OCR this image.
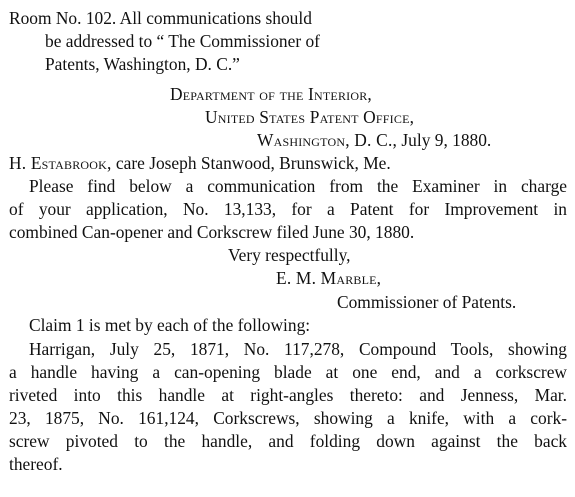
Room No. 102. All communications should
be addressed to “ The Commissioner of
Patents, Washington, D. C.”
Department of the Interior,
United States Patent Office,
Washington, D. C., July 9, 1880.
H. Estabrook, care Joseph Stanwood, Brunswick, Me.
Please find below a communication from the Examiner in charge
of your application, No. 13,133, for a Patent for Improvement in
combined Can-opener and Corkscrew filed June 30, 1880.
Very respectfully,
E. M. Marble,
Commissioner of Patents.
Claim 1 is met by each of the following:
Harrigan, July 25, 1871, No. 117,278, Compound Tools, showing
a handle having a can-opening blade at one end, and a corkscrew
riveted into this handle at right-angles thereto: and Jenness, Mar.
23, 1875, No. 161,124, Corkscrews, showing a knife, with a cork-
screw pivoted to the handle, and folding down against the back
thereof.
